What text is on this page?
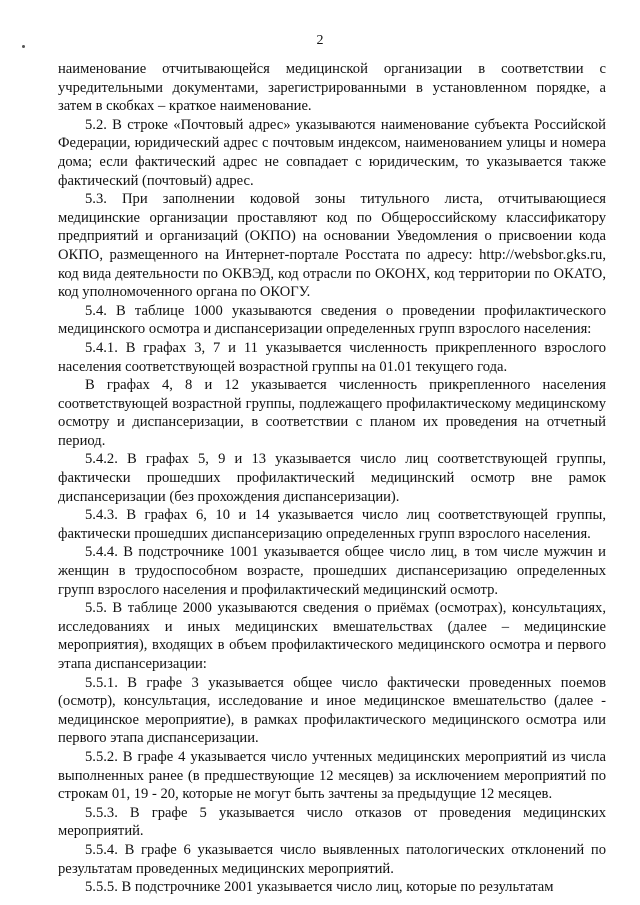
2

наименование отчитывающейся медицинской организации в соответствии с учредительными документами, зарегистрированными в установленном порядке, а затем в скобках – краткое наименование.

5.2. В строке «Почтовый адрес» указываются наименование субъекта Российской Федерации, юридический адрес с почтовым индексом, наименованием улицы и номера дома; если фактический адрес не совпадает с юридическим, то указывается также фактический (почтовый) адрес.

5.3. При заполнении кодовой зоны титульного листа, отчитывающиеся медицинские организации проставляют код по Общероссийскому классификатору предприятий и организаций (ОКПО) на основании Уведомления о присвоении кода ОКПО, размещенного на Интернет-портале Росстата по адресу: http://websbor.gks.ru, код вида деятельности по ОКВЭД, код отрасли по ОКОНХ, код территории по ОКАТО, код уполномоченного органа по ОКОГУ.

5.4. В таблице 1000 указываются сведения о проведении профилактического медицинского осмотра и диспансеризации определенных групп взрослого населения:

5.4.1. В графах 3, 7 и 11 указывается численность прикрепленного взрослого населения соответствующей возрастной группы на 01.01 текущего года.

В графах 4, 8 и 12 указывается численность прикрепленного населения соответствующей возрастной группы, подлежащего профилактическому медицинскому осмотру и диспансеризации, в соответствии с планом их проведения на отчетный период.

5.4.2. В графах 5, 9 и 13 указывается число лиц соответствующей группы, фактически прошедших профилактический медицинский осмотр вне рамок диспансеризации (без прохождения диспансеризации).

5.4.3. В графах 6, 10 и 14 указывается число лиц соответствующей группы, фактически прошедших диспансеризацию определенных групп взрослого населения.

5.4.4. В подстрочнике 1001 указывается общее число лиц, в том числе мужчин и женщин в трудоспособном возрасте, прошедших диспансеризацию определенных групп взрослого населения и профилактический медицинский осмотр.

5.5. В таблице 2000 указываются сведения о приёмах (осмотрах), консультациях, исследованиях и иных медицинских вмешательствах (далее – медицинские мероприятия), входящих в объем профилактического медицинского осмотра и первого этапа диспансеризации:

5.5.1. В графе 3 указывается общее число фактически проведенных поемов (осмотр), консультация, исследование и иное медицинское вмешательство (далее - медицинское мероприятие), в рамках профилактического медицинского осмотра или первого этапа диспансеризации.

5.5.2. В графе 4 указывается число учтенных медицинских мероприятий из числа выполненных ранее (в предшествующие 12 месяцев) за исключением мероприятий по строкам 01, 19 - 20, которые не могут быть зачтены за предыдущие 12 месяцев.

5.5.3. В графе 5 указывается число отказов от проведения медицинских мероприятий.

5.5.4. В графе 6 указывается число выявленных патологических отклонений по результатам проведенных медицинских мероприятий.

5.5.5. В подстрочнике 2001 указывается число лиц, которые по результатам
